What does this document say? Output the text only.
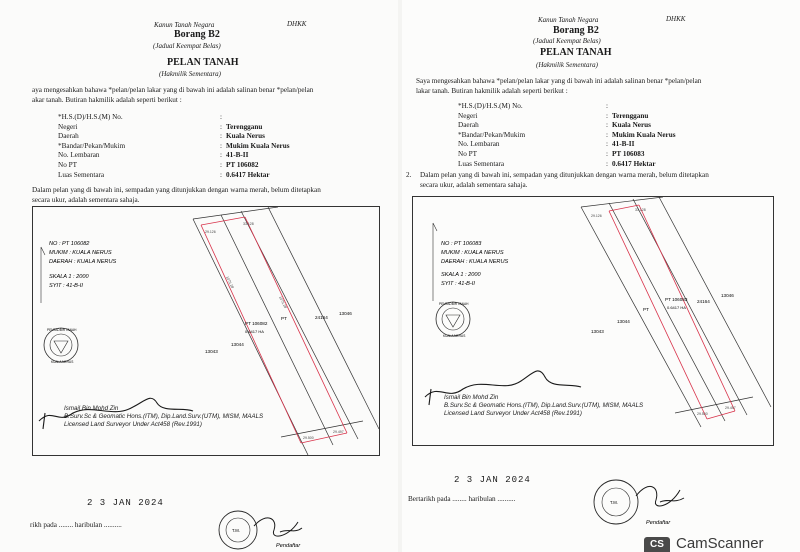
Kanun Tanah Negara	DHKK
Borang B2
(Jadual Keempat Belas)
PELAN TANAH
(Hakmilik Sementara)
aya mengesahkan bahawa *pelan/pelan lakar yang di bawah ini adalah salinan benar *pelan/pelan
akar tanah. Butiran hakmilik adalah seperti berikut :
*H.S.(D)/H.S.(M) No.	:
Negeri	: Terengganu
Daerah	: Kuala Nerus
*Bandar/Pekan/Mukim	: Mukim Kuala Nerus
No. Lembaran	: 41-B-II
No PT	: PT 106082
Luas Sementara	: 0.6417 Hektar
Dalam pelan yang di bawah ini, sempadan yang ditunjukkan dengan warna merah, belum ditetapkan
secara ukur, adalah sementara sahaja.
29.126
33.128
29.500
29.497
1075.28'
1075.28'
NO : PT 106082
MUKIM : KUALA NERUS
DAERAH : KUALA NERUS
SKALA 1 : 2000
SYIT : 41-B-II
13043
13044
24164
13046
PT 106082
PT
0.6417 HA
PENTADBIR TANAH
KUALA NERUS
Ismail Bin Mohd Zin
B.Surv.Sc & Geomatic Hons.(ITM), Dip.Land.Surv.(UTM), MISM, MAALS
Licensed Land Surveyor Under Act458 (Rev.1991)
2 3 JAN 2024
rikh pada ........ haribulan ..........
T.M.
Pendaftar
Kanun Tanah Negara	DHKK
Borang B2
(Jadual Keempat Belas)
PELAN TANAH
(Hakmilik Sementara)
Saya mengesahkan bahawa *pelan/pelan lakar yang di bawah ini adalah salinan benar *pelan/pelan
lakar tanah. Butiran hakmilik adalah seperti berikut :
*H.S.(D)/H.S.(M) No.	:
Negeri	: Terengganu
Daerah	: Kuala Nerus
*Bandar/Pekan/Mukim	: Mukim Kuala Nerus
No. Lembaran	: 41-B-II
No PT	: PT 106083
Luas Sementara	: 0.6417 Hektar
2. Dalam pelan yang di bawah ini, sempadan yang ditunjukkan dengan warna merah, belum ditetapkan
secara ukur, adalah sementara sahaja.
29.126
33.128
29.500
29.497
NO : PT 106083
MUKIM : KUALA NERUS
DAERAH : KUALA NERUS
SKALA 1 : 2000
SYIT : 41-B-II
13043
13044
24164
13046
PT 106083
PT	0.6417 HA
PENTADBIR TANAH
KUALA NERUS
Ismail Bin Mohd Zin
B.Surv.Sc & Geomatic Hons.(ITM), Dip.Land.Surv.(UTM), MISM, MAALS
Licensed Land Surveyor Under Act458 (Rev.1991)
2 3 JAN 2024
Bertarikh pada ........ haribulan ..........	T.M.
Pendaftar
CS CamScanner
